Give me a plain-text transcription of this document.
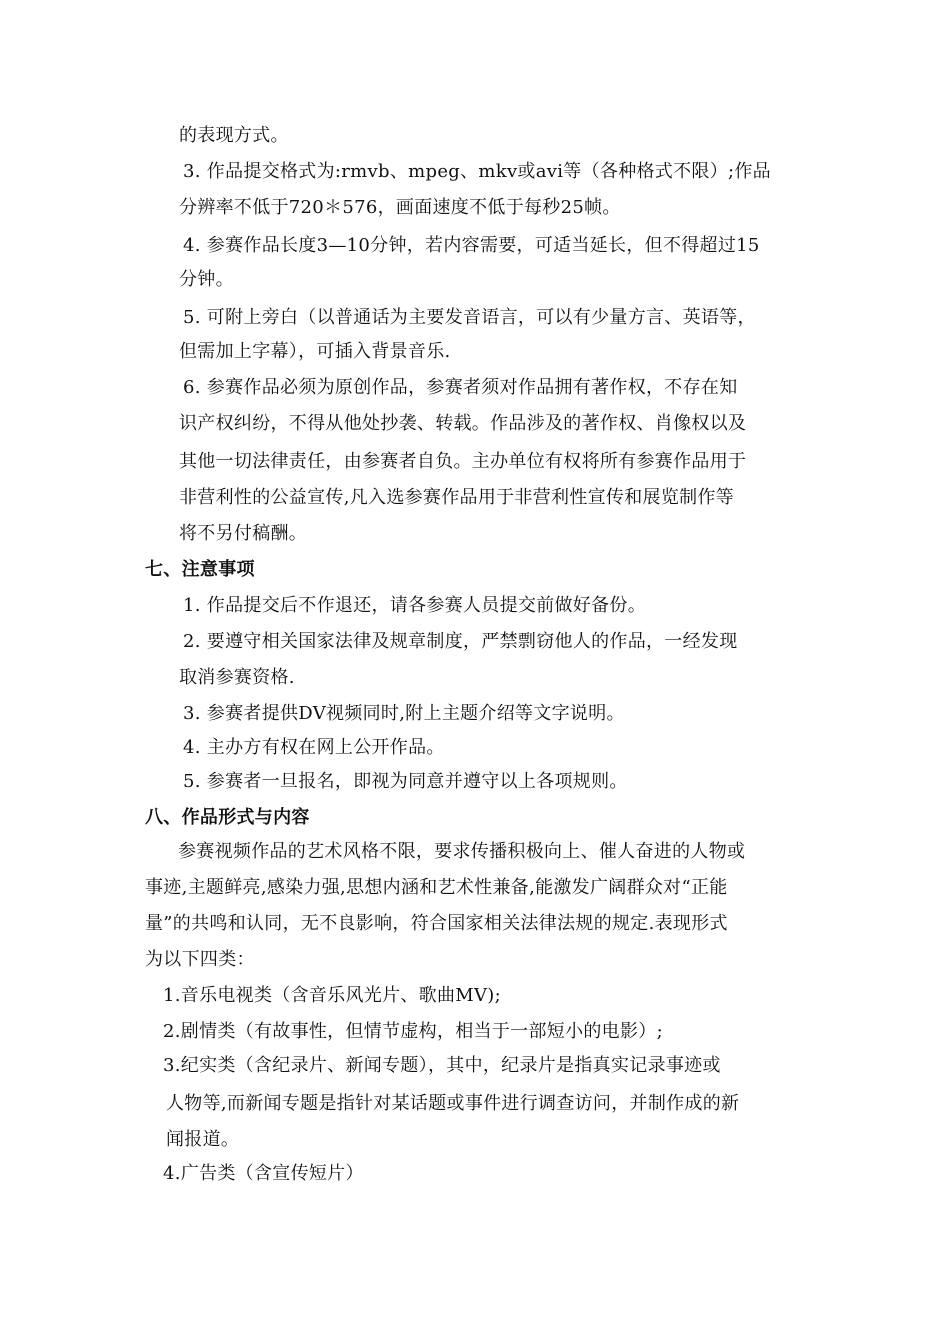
的表现方式。
3. 作品提交格式为:rmvb、mpeg、mkv或avi等（各种格式不限）;作品
分辨率不低于720＊576，画面速度不低于每秒25帧。
4. 参赛作品长度3—10分钟，若内容需要，可适当延长，但不得超过15
分钟。
5. 可附上旁白（以普通话为主要发音语言，可以有少量方言、英语等，
但需加上字幕），可插入背景音乐.
6. 参赛作品必须为原创作品，参赛者须对作品拥有著作权，不存在知
识产权纠纷，不得从他处抄袭、转载。作品涉及的著作权、肖像权以及
其他一切法律责任，由参赛者自负。主办单位有权将所有参赛作品用于
非营利性的公益宣传,凡入选参赛作品用于非营利性宣传和展览制作等
将不另付稿酬。
七、注意事项
1. 作品提交后不作退还，请各参赛人员提交前做好备份。
2. 要遵守相关国家法律及规章制度，严禁剽窃他人的作品，一经发现
取消参赛资格.
3. 参赛者提供DV视频同时,附上主题介绍等文字说明。
4. 主办方有权在网上公开作品。
5. 参赛者一旦报名，即视为同意并遵守以上各项规则。
八、作品形式与内容
参赛视频作品的艺术风格不限，要求传播积极向上、催人奋进的人物或
事迹,主题鲜亮,感染力强,思想内涵和艺术性兼备,能激发广阔群众对“正能
量”的共鸣和认同，无不良影响，符合国家相关法律法规的规定.表现形式
为以下四类：
1.音乐电视类（含音乐风光片、歌曲MV);
2.剧情类（有故事性，但情节虚构，相当于一部短小的电影）;
3.纪实类（含纪录片、新闻专题），其中，纪录片是指真实记录事迹或
人物等,而新闻专题是指针对某话题或事件进行调查访问，并制作成的新
闻报道。
4.广告类（含宣传短片）
